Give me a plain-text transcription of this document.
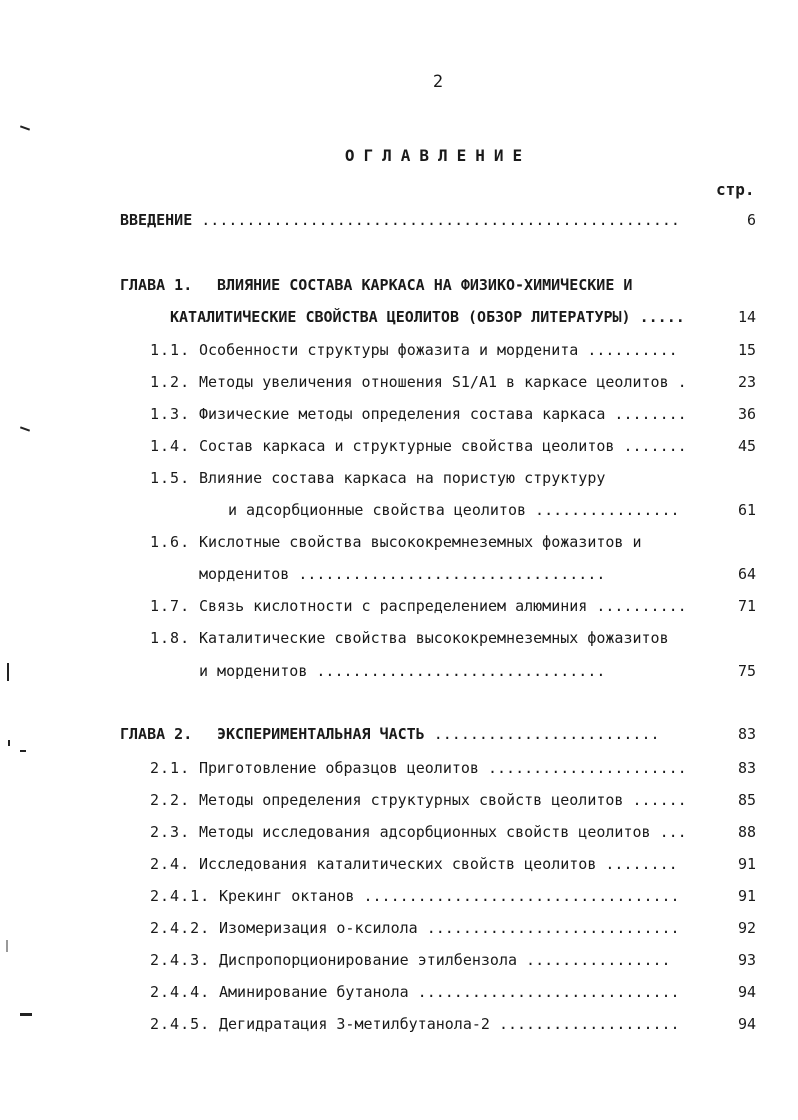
2
ОГЛАВЛЕНИЕ
стр.
ВВЕДЕНИЕ .....................................................	6
ГЛАВА 1. ВЛИЯНИЕ СОСТАВА КАРКАСА НА ФИЗИКО-ХИМИЧЕСКИЕ И
КАТАЛИТИЧЕСКИЕ СВОЙСТВА ЦЕОЛИТОВ (ОБЗОР ЛИТЕРАТУРЫ) .....	14
1.1. Особенности структуры фожазита и морденита ..........	15
1.2. Методы увеличения отношения S1/A1 в каркасе цеолитов .	23
1.3. Физические методы определения состава каркаса ........	36
1.4. Состав каркаса и структурные свойства цеолитов .......	45
1.5. Влияние состава каркаса на пористую структуру
и адсорбционные свойства цеолитов ................	61
1.6. Кислотные свойства высококремнеземных фожазитов и
морденитов ..................................	64
1.7. Связь кислотности с распределением алюминия ..........	71
1.8. Каталитические свойства высококремнеземных фожазитов
и морденитов ................................	75
ГЛАВА 2. ЭКСПЕРИМЕНТАЛЬНАЯ ЧАСТЬ .........................	83
2.1. Приготовление образцов цеолитов ......................	83
2.2. Методы определения структурных свойств цеолитов ......	85
2.3. Методы исследования адсорбционных свойств цеолитов ...	88
2.4. Исследования каталитических свойств цеолитов ........	91
2.4.1. Крекинг октанов ...................................	91
2.4.2. Изомеризация о-ксилола ............................	92
2.4.3. Диспропорционирование этилбензола ................	93
2.4.4. Аминирование бутанола .............................	94
2.4.5. Дегидратация 3-метилбутанола-2 ....................	94
